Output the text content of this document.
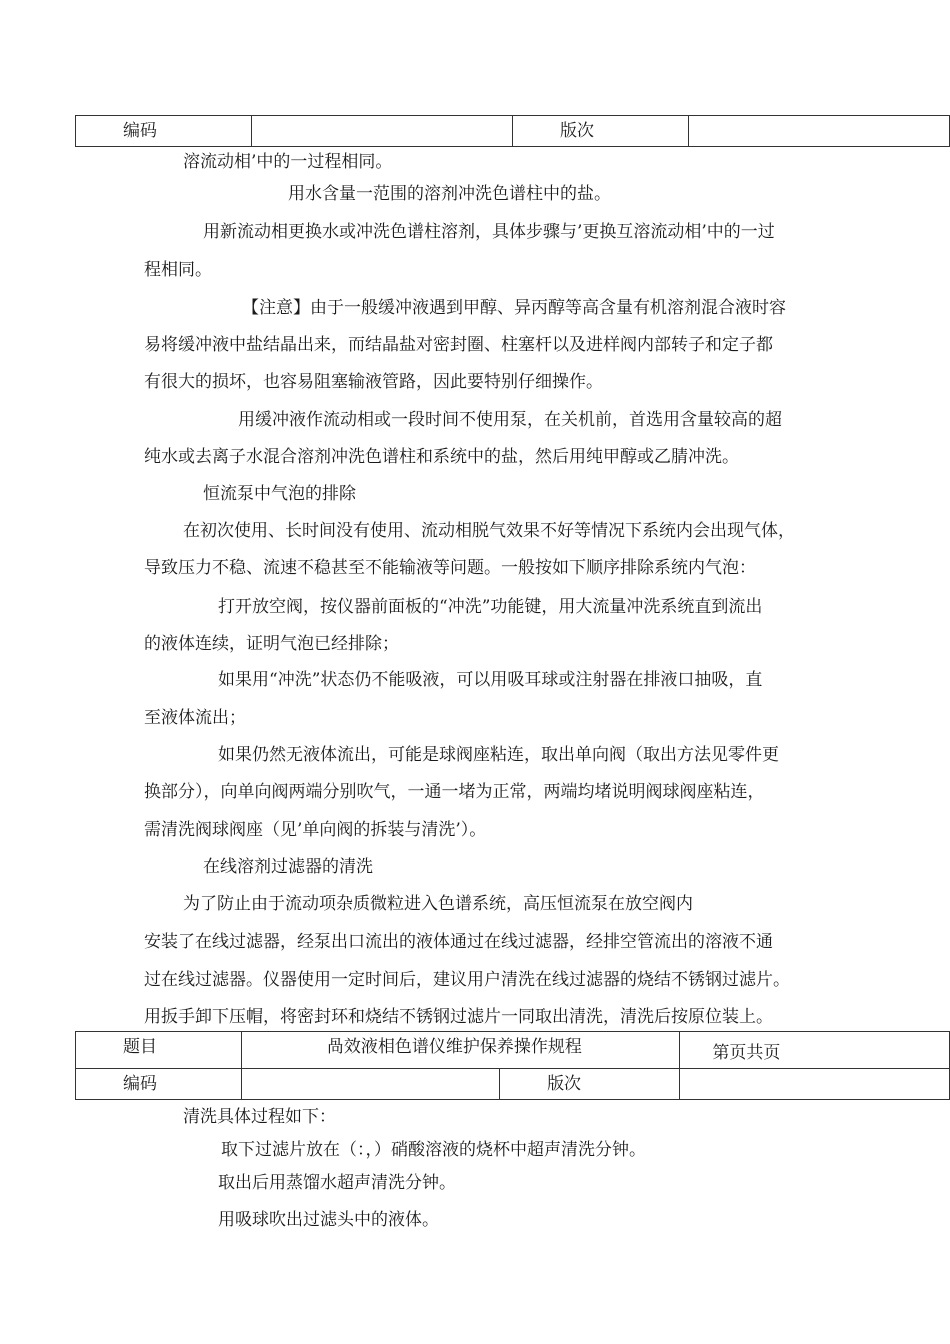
编码		版次	
溶流动相’中的一过程相同。
用水含量一范围的溶剂冲洗色谱柱中的盐。
用新流动相更换水或冲洗色谱柱溶剂，具体步骤与’更换互溶流动相’中的一过
程相同。
【注意】由于一般缓冲液遇到甲醇、异丙醇等高含量有机溶剂混合液时容
易将缓冲液中盐结晶出来，而结晶盐对密封圈、柱塞杆以及进样阀内部转子和定子都
有很大的损坏，也容易阻塞输液管路，因此要特别仔细操作。
用缓冲液作流动相或一段时间不使用泵，在关机前，首选用含量较高的超
纯水或去离子水混合溶剂冲洗色谱柱和系统中的盐，然后用纯甲醇或乙腈冲洗。
恒流泵中气泡的排除
在初次使用、长时间没有使用、流动相脱气效果不好等情况下系统内会出现气体，
导致压力不稳、流速不稳甚至不能输液等问题。一般按如下顺序排除系统内气泡：
打开放空阀，按仪器前面板的“冲洗”功能键，用大流量冲洗系统直到流出
的液体连续，证明气泡已经排除；
如果用“冲洗”状态仍不能吸液，可以用吸耳球或注射器在排液口抽吸，直
至液体流出；
如果仍然无液体流出，可能是球阀座粘连，取出单向阀（取出方法见零件更
换部分），向单向阀两端分别吹气，一通一堵为正常，两端均堵说明阀球阀座粘连，
需清洗阀球阀座（见’单向阀的拆装与清洗’）。
在线溶剂过滤器的清洗
为了防止由于流动项杂质微粒进入色谱系统，高压恒流泵在放空阀内
安装了在线过滤器，经泵出口流出的液体通过在线过滤器，经排空管流出的溶液不通
过在线过滤器。仪器使用一定时间后，建议用户清洗在线过滤器的烧结不锈钢过滤片。
用扳手卸下压帽，将密封环和烧结不锈钢过滤片一同取出清洗，清洗后按原位装上。
题目	咼效液相色谱仪维护保养操作规程		第页共页
编码		版次	
清洗具体过程如下：
取下过滤片放在（：，）硝酸溶液的烧杯中超声清洗分钟。
取出后用蒸馏水超声清洗分钟。
用吸球吹出过滤头中的液体。
